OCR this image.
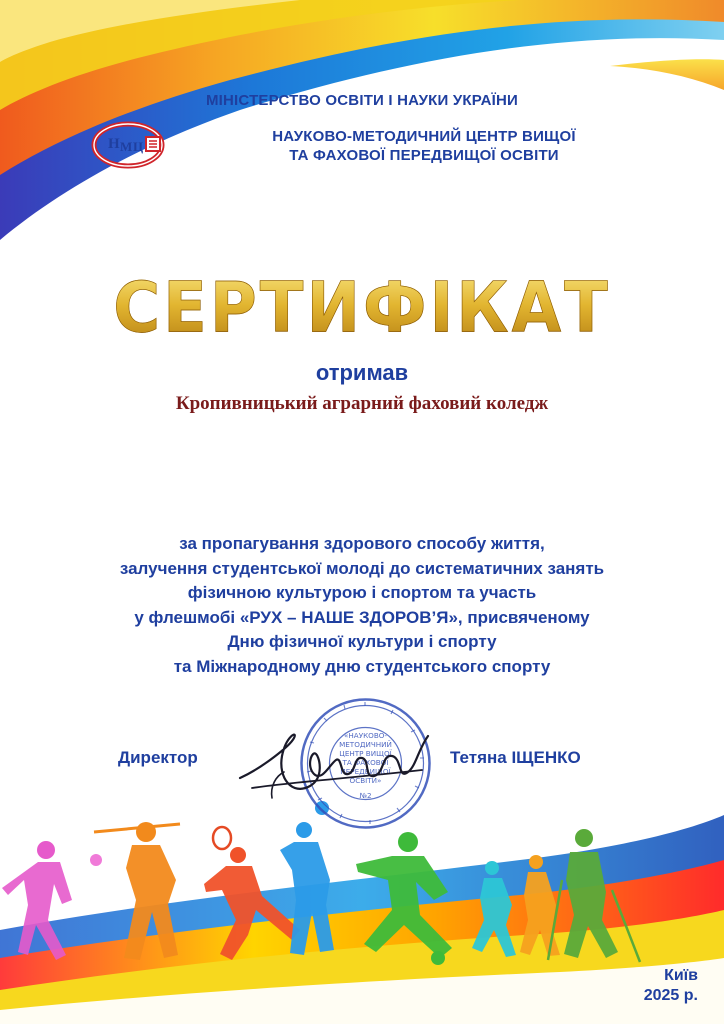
МІНІСТЕРСТВО ОСВІТИ І НАУКИ УКРАЇНИ
Н М Ц
НАУКОВО-МЕТОДИЧНИЙ ЦЕНТР ВИЩОЇ
ТА ФАХОВОЇ ПЕРЕДВИЩОЇ ОСВІТИ
СЕРТИФІКАТ
отримав
Кропивницький аграрний фаховий коледж
за пропагування здорового способу життя,
залучення студентської молоді до систематичних занять
фізичною культурою і спортом та участь
у флешмобі «РУХ – НАШЕ ЗДОРОВ’Я», присвяченому
Дню фізичної культури і спорту
та Міжнародному дню студентського спорту
Директор
«НАУКОВО-
МЕТОДИЧНИЙ
ЦЕНТР ВИЩОЇ
ТА ФАХОВОЇ
ПЕРЕДВИЩОЇ
ОСВІТИ»
№2
Тетяна ІЩЕНКО
Київ
2025 р.
